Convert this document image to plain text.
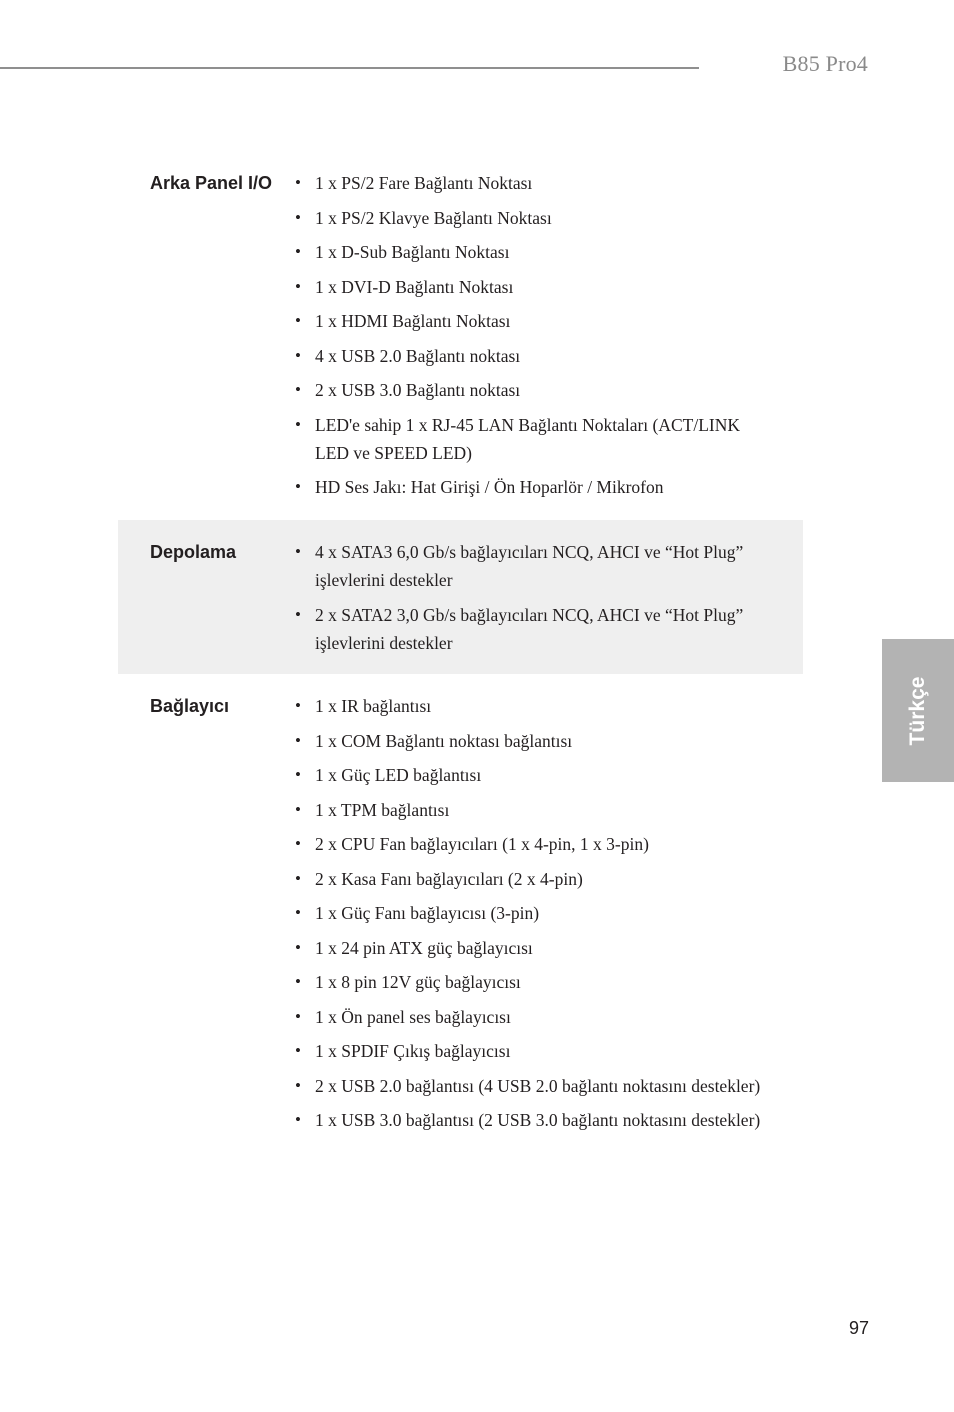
B85 Pro4
Türkçe
Arka Panel I/O	• 1 x PS/2 Fare Bağlantı Noktası
• 1 x PS/2 Klavye Bağlantı Noktası
• 1 x D-Sub Bağlantı Noktası
• 1 x DVI-D Bağlantı Noktası
• 1 x HDMI Bağlantı Noktası
• 4 x USB 2.0 Bağlantı noktası
• 2 x USB 3.0 Bağlantı noktası
• LED'e sahip 1 x RJ-45 LAN Bağlantı Noktaları (ACT/LINK LED ve SPEED LED)
• HD Ses Jakı: Hat Girişi / Ön Hoparlör / Mikrofon
Depolama	• 4 x SATA3 6,0 Gb/s bağlayıcıları NCQ, AHCI ve “Hot Plug” işlevlerini destekler
• 2 x SATA2 3,0 Gb/s bağlayıcıları NCQ, AHCI ve “Hot Plug” işlevlerini destekler
Bağlayıcı	• 1 x IR bağlantısı
• 1 x COM Bağlantı noktası bağlantısı
• 1 x Güç LED bağlantısı
• 1 x TPM bağlantısı
• 2 x CPU Fan bağlayıcıları (1 x 4-pin, 1 x 3-pin)
• 2 x Kasa Fanı bağlayıcıları (2 x 4-pin)
• 1 x Güç Fanı bağlayıcısı (3-pin)
• 1 x 24 pin ATX güç bağlayıcısı
• 1 x 8 pin 12V güç bağlayıcısı
• 1 x Ön panel ses bağlayıcısı
• 1 x SPDIF Çıkış bağlayıcısı
• 2 x USB 2.0 bağlantısı (4 USB 2.0 bağlantı noktasını destekler)
• 1 x USB 3.0 bağlantısı (2 USB 3.0 bağlantı noktasını destekler)
97
